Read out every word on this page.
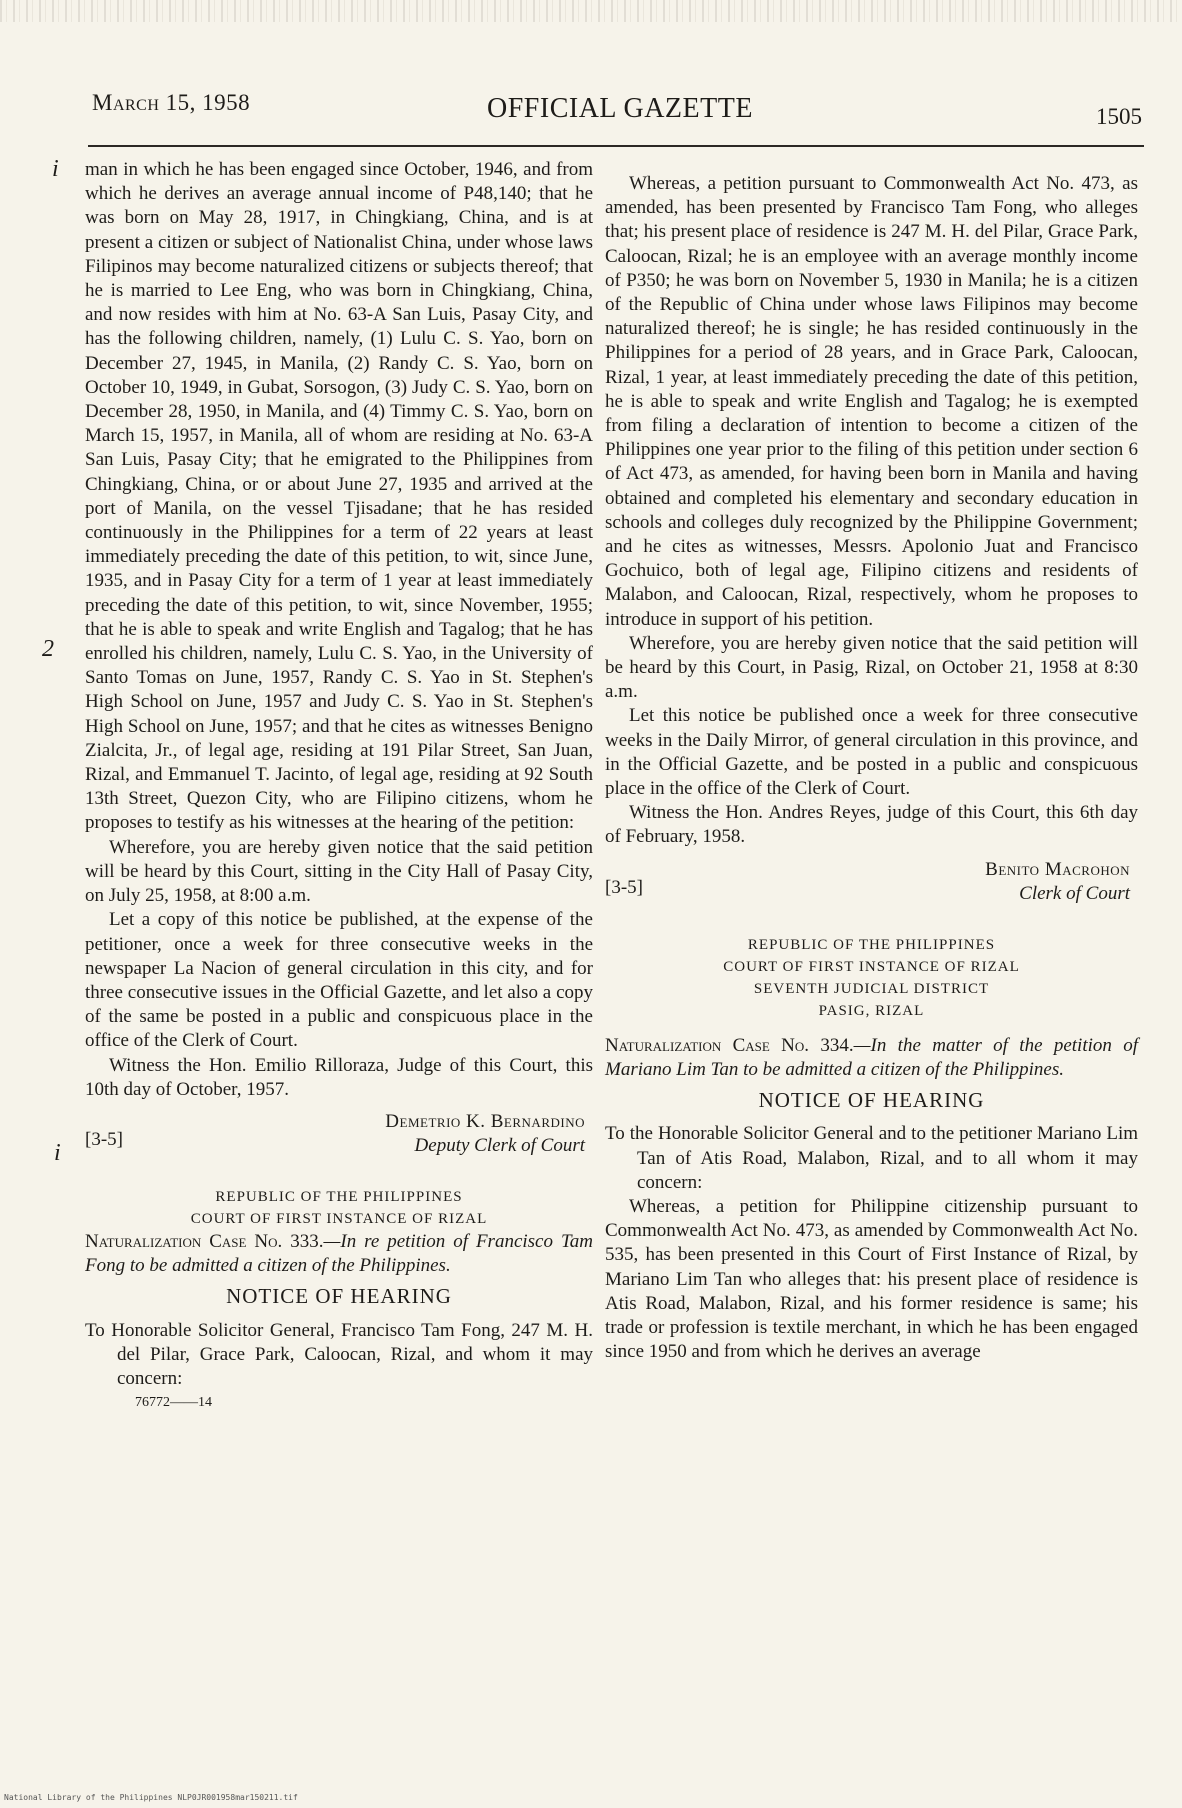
March 15, 1958	OFFICIAL GAZETTE	1505
i
2
i

man in which he has been engaged since October, 1946, and from which he derives an average annual income of P48,140; that he was born on May 28, 1917, in Chingkiang, China, and is at present a citizen or subject of Nationalist China, under whose laws Filipinos may become naturalized citizens or subjects thereof; that he is married to Lee Eng, who was born in Chingkiang, China, and now resides with him at No. 63-A San Luis, Pasay City, and has the following children, namely, (1) Lulu C. S. Yao, born on December 27, 1945, in Manila, (2) Randy C. S. Yao, born on October 10, 1949, in Gubat, Sorsogon, (3) Judy C. S. Yao, born on December 28, 1950, in Manila, and (4) Timmy C. S. Yao, born on March 15, 1957, in Manila, all of whom are residing at No. 63-A San Luis, Pasay City; that he emigrated to the Philippines from Chingkiang, China, or or about June 27, 1935 and arrived at the port of Manila, on the vessel Tjisadane; that he has resided continuously in the Philippines for a term of 22 years at least immediately preceding the date of this petition, to wit, since June, 1935, and in Pasay City for a term of 1 year at least immediately preceding the date of this petition, to wit, since November, 1955; that he is able to speak and write English and Tagalog; that he has enrolled his children, namely, Lulu C. S. Yao, in the University of Santo Tomas on June, 1957, Randy C. S. Yao in St. Stephen's High School on June, 1957 and Judy C. S. Yao in St. Stephen's High School on June, 1957; and that he cites as witnesses Benigno Zialcita, Jr., of legal age, residing at 191 Pilar Street, San Juan, Rizal, and Emmanuel T. Jacinto, of legal age, residing at 92 South 13th Street, Quezon City, who are Filipino citizens, whom he proposes to testify as his witnesses at the hearing of the petition:

Wherefore, you are hereby given notice that the said petition will be heard by this Court, sitting in the City Hall of Pasay City, on July 25, 1958, at 8:00 a.m.

Let a copy of this notice be published, at the expense of the petitioner, once a week for three consecutive weeks in the newspaper La Nacion of general circulation in this city, and for three consecutive issues in the Official Gazette, and let also a copy of the same be posted in a public and conspicuous place in the office of the Clerk of Court.

Witness the Hon. Emilio Rilloraza, Judge of this Court, this 10th day of October, 1957.

[3-5]
Demetrio K. Bernardino
Deputy Clerk of Court
REPUBLIC OF THE PHILIPPINES
COURT OF FIRST INSTANCE OF RIZAL

Naturalization Case No. 333.—In re petition of Francisco Tam Fong to be admitted a citizen of the Philippines.

NOTICE OF HEARING

To Honorable Solicitor General, Francisco Tam Fong, 247 M. H. del Pilar, Grace Park, Caloocan, Rizal, and whom it may concern:

76772——14

Whereas, a petition pursuant to Commonwealth Act No. 473, as amended, has been presented by Francisco Tam Fong, who alleges that; his present place of residence is 247 M. H. del Pilar, Grace Park, Caloocan, Rizal; he is an employee with an average monthly income of P350; he was born on November 5, 1930 in Manila; he is a citizen of the Republic of China under whose laws Filipinos may become naturalized thereof; he is single; he has resided continuously in the Philippines for a period of 28 years, and in Grace Park, Caloocan, Rizal, 1 year, at least immediately preceding the date of this petition, he is able to speak and write English and Tagalog; he is exempted from filing a declaration of intention to become a citizen of the Philippines one year prior to the filing of this petition under section 6 of Act 473, as amended, for having been born in Manila and having obtained and completed his elementary and secondary education in schools and colleges duly recognized by the Philippine Government; and he cites as witnesses, Messrs. Apolonio Juat and Francisco Gochuico, both of legal age, Filipino citizens and residents of Malabon, and Caloocan, Rizal, respectively, whom he proposes to introduce in support of his petition.

Wherefore, you are hereby given notice that the said petition will be heard by this Court, in Pasig, Rizal, on October 21, 1958 at 8:30 a.m.

Let this notice be published once a week for three consecutive weeks in the Daily Mirror, of general circulation in this province, and in the Official Gazette, and be posted in a public and conspicuous place in the office of the Clerk of Court.

Witness the Hon. Andres Reyes, judge of this Court, this 6th day of February, 1958.

[3-5]
Benito Macrohon
Clerk of Court
REPUBLIC OF THE PHILIPPINES
COURT OF FIRST INSTANCE OF RIZAL
SEVENTH JUDICIAL DISTRICT
PASIG, RIZAL

Naturalization Case No. 334.—In the matter of the petition of Mariano Lim Tan to be admitted a citizen of the Philippines.

NOTICE OF HEARING

To the Honorable Solicitor General and to the petitioner Mariano Lim Tan of Atis Road, Malabon, Rizal, and to all whom it may concern:

Whereas, a petition for Philippine citizenship pursuant to Commonwealth Act No. 473, as amended by Commonwealth Act No. 535, has been presented in this Court of First Instance of Rizal, by Mariano Lim Tan who alleges that: his present place of residence is Atis Road, Malabon, Rizal, and his former residence is same; his trade or profession is textile merchant, in which he has been engaged since 1950 and from which he derives an average

National Library of the Philippines NLP0JR001958mar150211.tif
